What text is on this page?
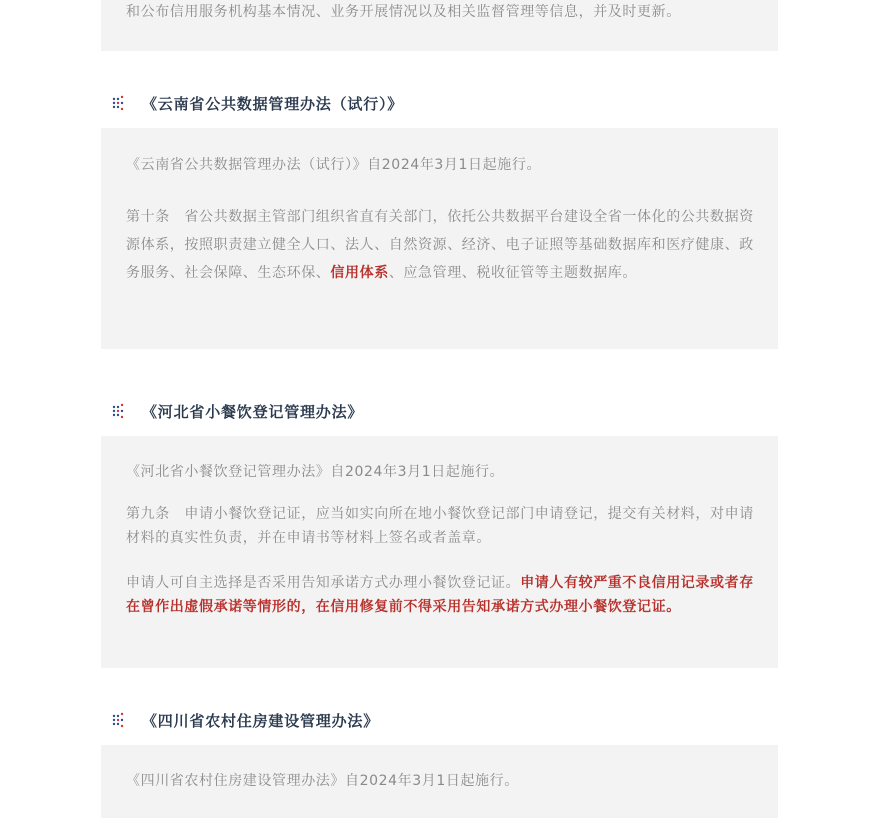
和公布信用服务机构基本情况、业务开展情况以及相关监督管理等信息，并及时更新。

《云南省公共数据管理办法（试行）》

《云南省公共数据管理办法（试行）》自2024年3月1日起施行。

第十条　省公共数据主管部门组织省直有关部门，依托公共数据平台建设全省一体化的公共数据资源体系，按照职责建立健全人口、法人、自然资源、经济、电子证照等基础数据库和医疗健康、政务服务、社会保障、生态环保、信用体系、应急管理、税收征管等主题数据库。

《河北省小餐饮登记管理办法》

《河北省小餐饮登记管理办法》自2024年3月1日起施行。

第九条　申请小餐饮登记证，应当如实向所在地小餐饮登记部门申请登记，提交有关材料，对申请材料的真实性负责，并在申请书等材料上签名或者盖章。

申请人可自主选择是否采用告知承诺方式办理小餐饮登记证。申请人有较严重不良信用记录或者存在曾作出虚假承诺等情形的，在信用修复前不得采用告知承诺方式办理小餐饮登记证。

《四川省农村住房建设管理办法》

《四川省农村住房建设管理办法》自2024年3月1日起施行。
